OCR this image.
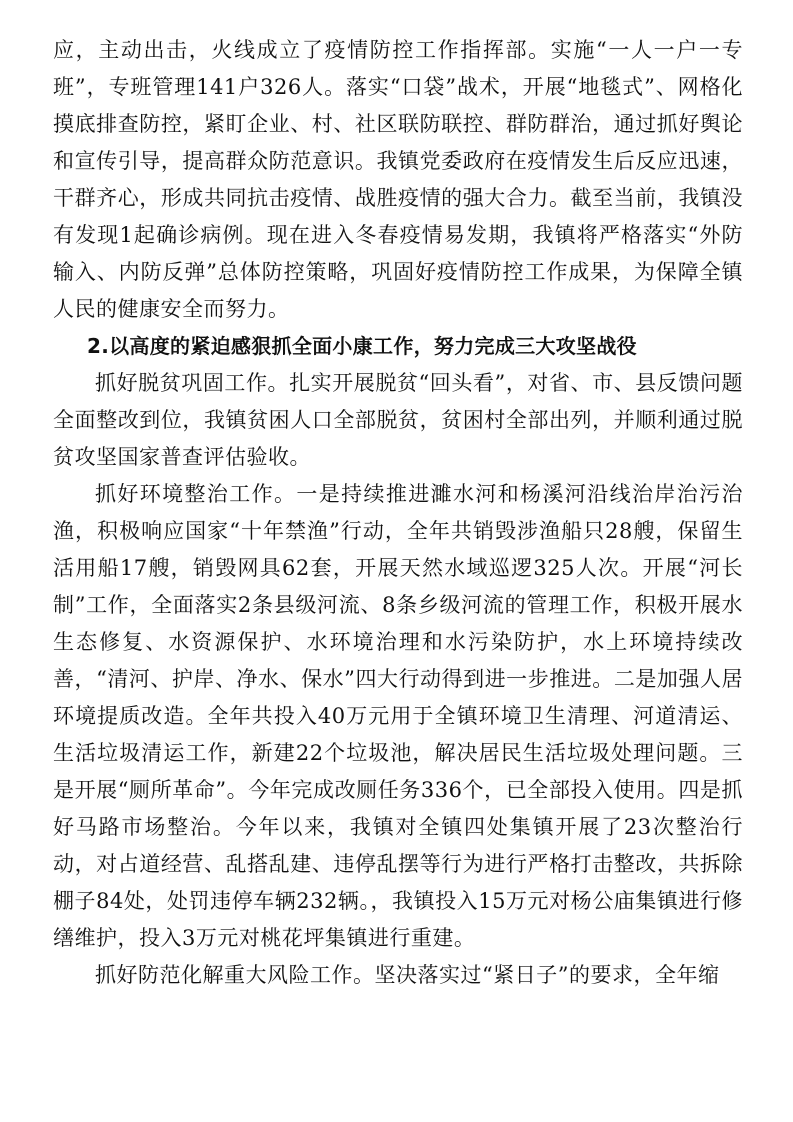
应，主动出击，火线成立了疫情防控工作指挥部。实施“一人一户一专班”，专班管理141户326人。落实“口袋”战术，开展“地毯式”、网格化摸底排查防控，紧盯企业、村、社区联防联控、群防群治，通过抓好舆论和宣传引导，提高群众防范意识。我镇党委政府在疫情发生后反应迅速，干群齐心，形成共同抗击疫情、战胜疫情的强大合力。截至当前，我镇没有发现1起确诊病例。现在进入冬春疫情易发期，我镇将严格落实“外防输入、内防反弹”总体防控策略，巩固好疫情防控工作成果，为保障全镇人民的健康安全而努力。

2.以高度的紧迫感狠抓全面小康工作，努力完成三大攻坚战役

抓好脱贫巩固工作。扎实开展脱贫“回头看”，对省、市、县反馈问题全面整改到位，我镇贫困人口全部脱贫，贫困村全部出列，并顺利通过脱贫攻坚国家普查评估验收。

抓好环境整治工作。一是持续推进濉水河和杨溪河沿线治岸治污治渔，积极响应国家“十年禁渔”行动，全年共销毁涉渔船只28艘，保留生活用船17艘，销毁网具62套，开展天然水域巡逻325人次。开展“河长制”工作，全面落实2条县级河流、8条乡级河流的管理工作，积极开展水生态修复、水资源保护、水环境治理和水污染防护，水上环境持续改善，“清河、护岸、净水、保水”四大行动得到进一步推进。二是加强人居环境提质改造。全年共投入40万元用于全镇环境卫生清理、河道清运、生活垃圾清运工作，新建22个垃圾池，解决居民生活垃圾处理问题。三是开展“厕所革命”。今年完成改厕任务336个，已全部投入使用。四是抓好马路市场整治。今年以来，我镇对全镇四处集镇开展了23次整治行动，对占道经营、乱搭乱建、违停乱摆等行为进行严格打击整改，共拆除棚子84处，处罚违停车辆232辆。，我镇投入15万元对杨公庙集镇进行修缮维护，投入3万元对桃花坪集镇进行重建。

抓好防范化解重大风险工作。坚决落实过“紧日子”的要求，全年缩
